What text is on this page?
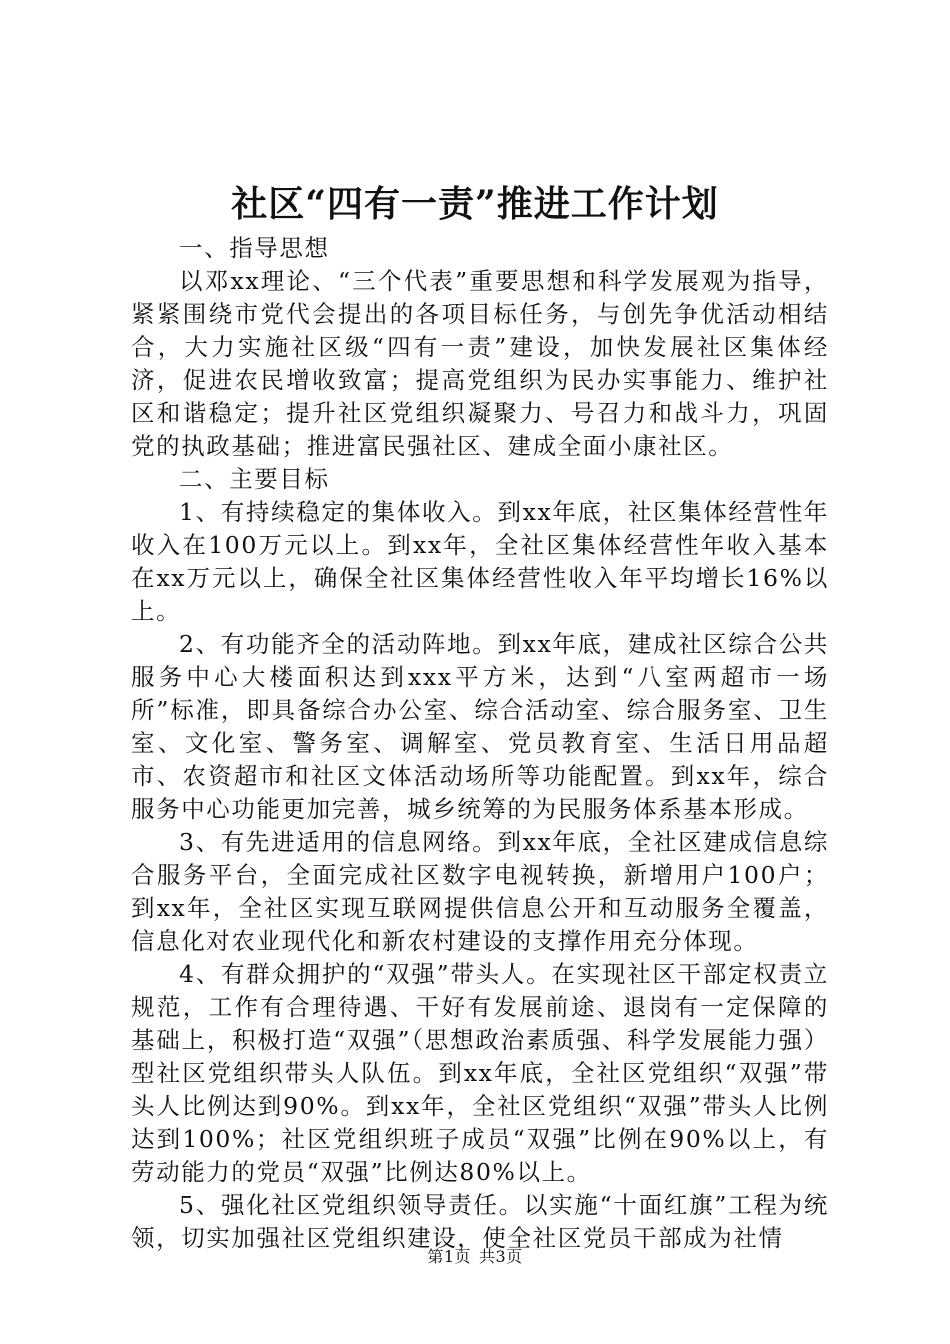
社区“四有一责”推进工作计划

一、指导思想

以邓xx理论、“三个代表”重要思想和科学发展观为指导，紧紧围绕市党代会提出的各项目标任务，与创先争优活动相结合，大力实施社区级“四有一责”建设，加快发展社区集体经济，促进农民增收致富；提高党组织为民办实事能力、维护社区和谐稳定；提升社区党组织凝聚力、号召力和战斗力，巩固党的执政基础；推进富民强社区、建成全面小康社区。

二、主要目标

1、有持续稳定的集体收入。到xx年底，社区集体经营性年收入在100万元以上。到xx年，全社区集体经营性年收入基本在xx万元以上，确保全社区集体经营性收入年平均增长16%以上。

2、有功能齐全的活动阵地。到xx年底，建成社区综合公共服务中心大楼面积达到xxx平方米，达到“八室两超市一场所”标准，即具备综合办公室、综合活动室、综合服务室、卫生室、文化室、警务室、调解室、党员教育室、生活日用品超市、农资超市和社区文体活动场所等功能配置。到xx年，综合服务中心功能更加完善，城乡统筹的为民服务体系基本形成。

3、有先进适用的信息网络。到xx年底，全社区建成信息综合服务平台，全面完成社区数字电视转换，新增用户100户；到xx年，全社区实现互联网提供信息公开和互动服务全覆盖，信息化对农业现代化和新农村建设的支撑作用充分体现。

4、有群众拥护的“双强”带头人。在实现社区干部定权责立规范，工作有合理待遇、干好有发展前途、退岗有一定保障的基础上，积极打造“双强”（思想政治素质强、科学发展能力强）型社区党组织带头人队伍。到xx年底，全社区党组织“双强”带头人比例达到90%。到xx年，全社区党组织“双强”带头人比例达到100%；社区党组织班子成员“双强”比例在90%以上，有劳动能力的党员“双强”比例达80%以上。

5、强化社区党组织领导责任。以实施“十面红旗”工程为统领，切实加强社区党组织建设，使全社区党员干部成为社情

第1页 共3页
